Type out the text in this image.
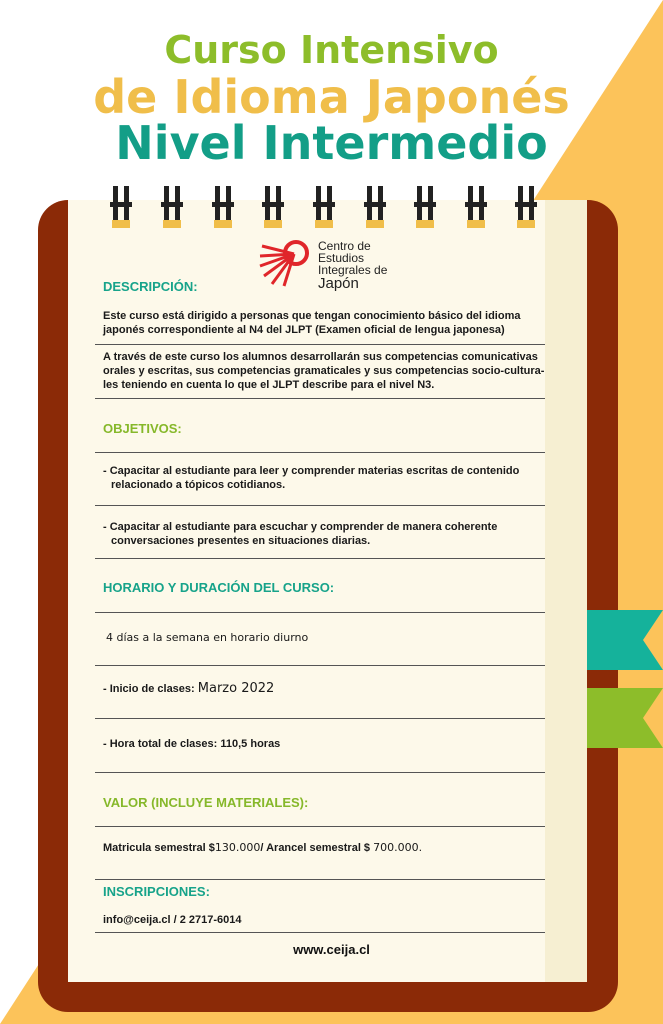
Curso Intensivo
de Idioma Japonés
Nivel Intermedio
Centro de
Estudios
Integrales de
Japón
DESCRIPCIÓN:
Este curso está dirigido a personas que tengan conocimiento básico del idioma
japonés correspondiente al N4 del JLPT (Examen oficial de lengua japonesa)
A través de este curso los alumnos desarrollarán sus competencias comunicativas
orales y escritas, sus competencias gramaticales y sus competencias socio-cultura-
les teniendo en cuenta lo que el JLPT describe para el nivel N3.
OBJETIVOS:
- Capacitar al estudiante para leer y comprender materias escritas de contenido
relacionado a tópicos cotidianos.
- Capacitar al estudiante para escuchar y comprender de manera coherente
conversaciones presentes en situaciones diarias.
HORARIO Y DURACIÓN DEL CURSO:
4 días a la semana en horario diurno
- Inicio de clases: Marzo 2022
- Hora total de clases: 110,5 horas
VALOR (INCLUYE MATERIALES):
Matricula semestral $130.000/ Arancel semestral $ 700.000.
INSCRIPCIONES:
info@ceija.cl / 2 2717-6014
www.ceija.cl
